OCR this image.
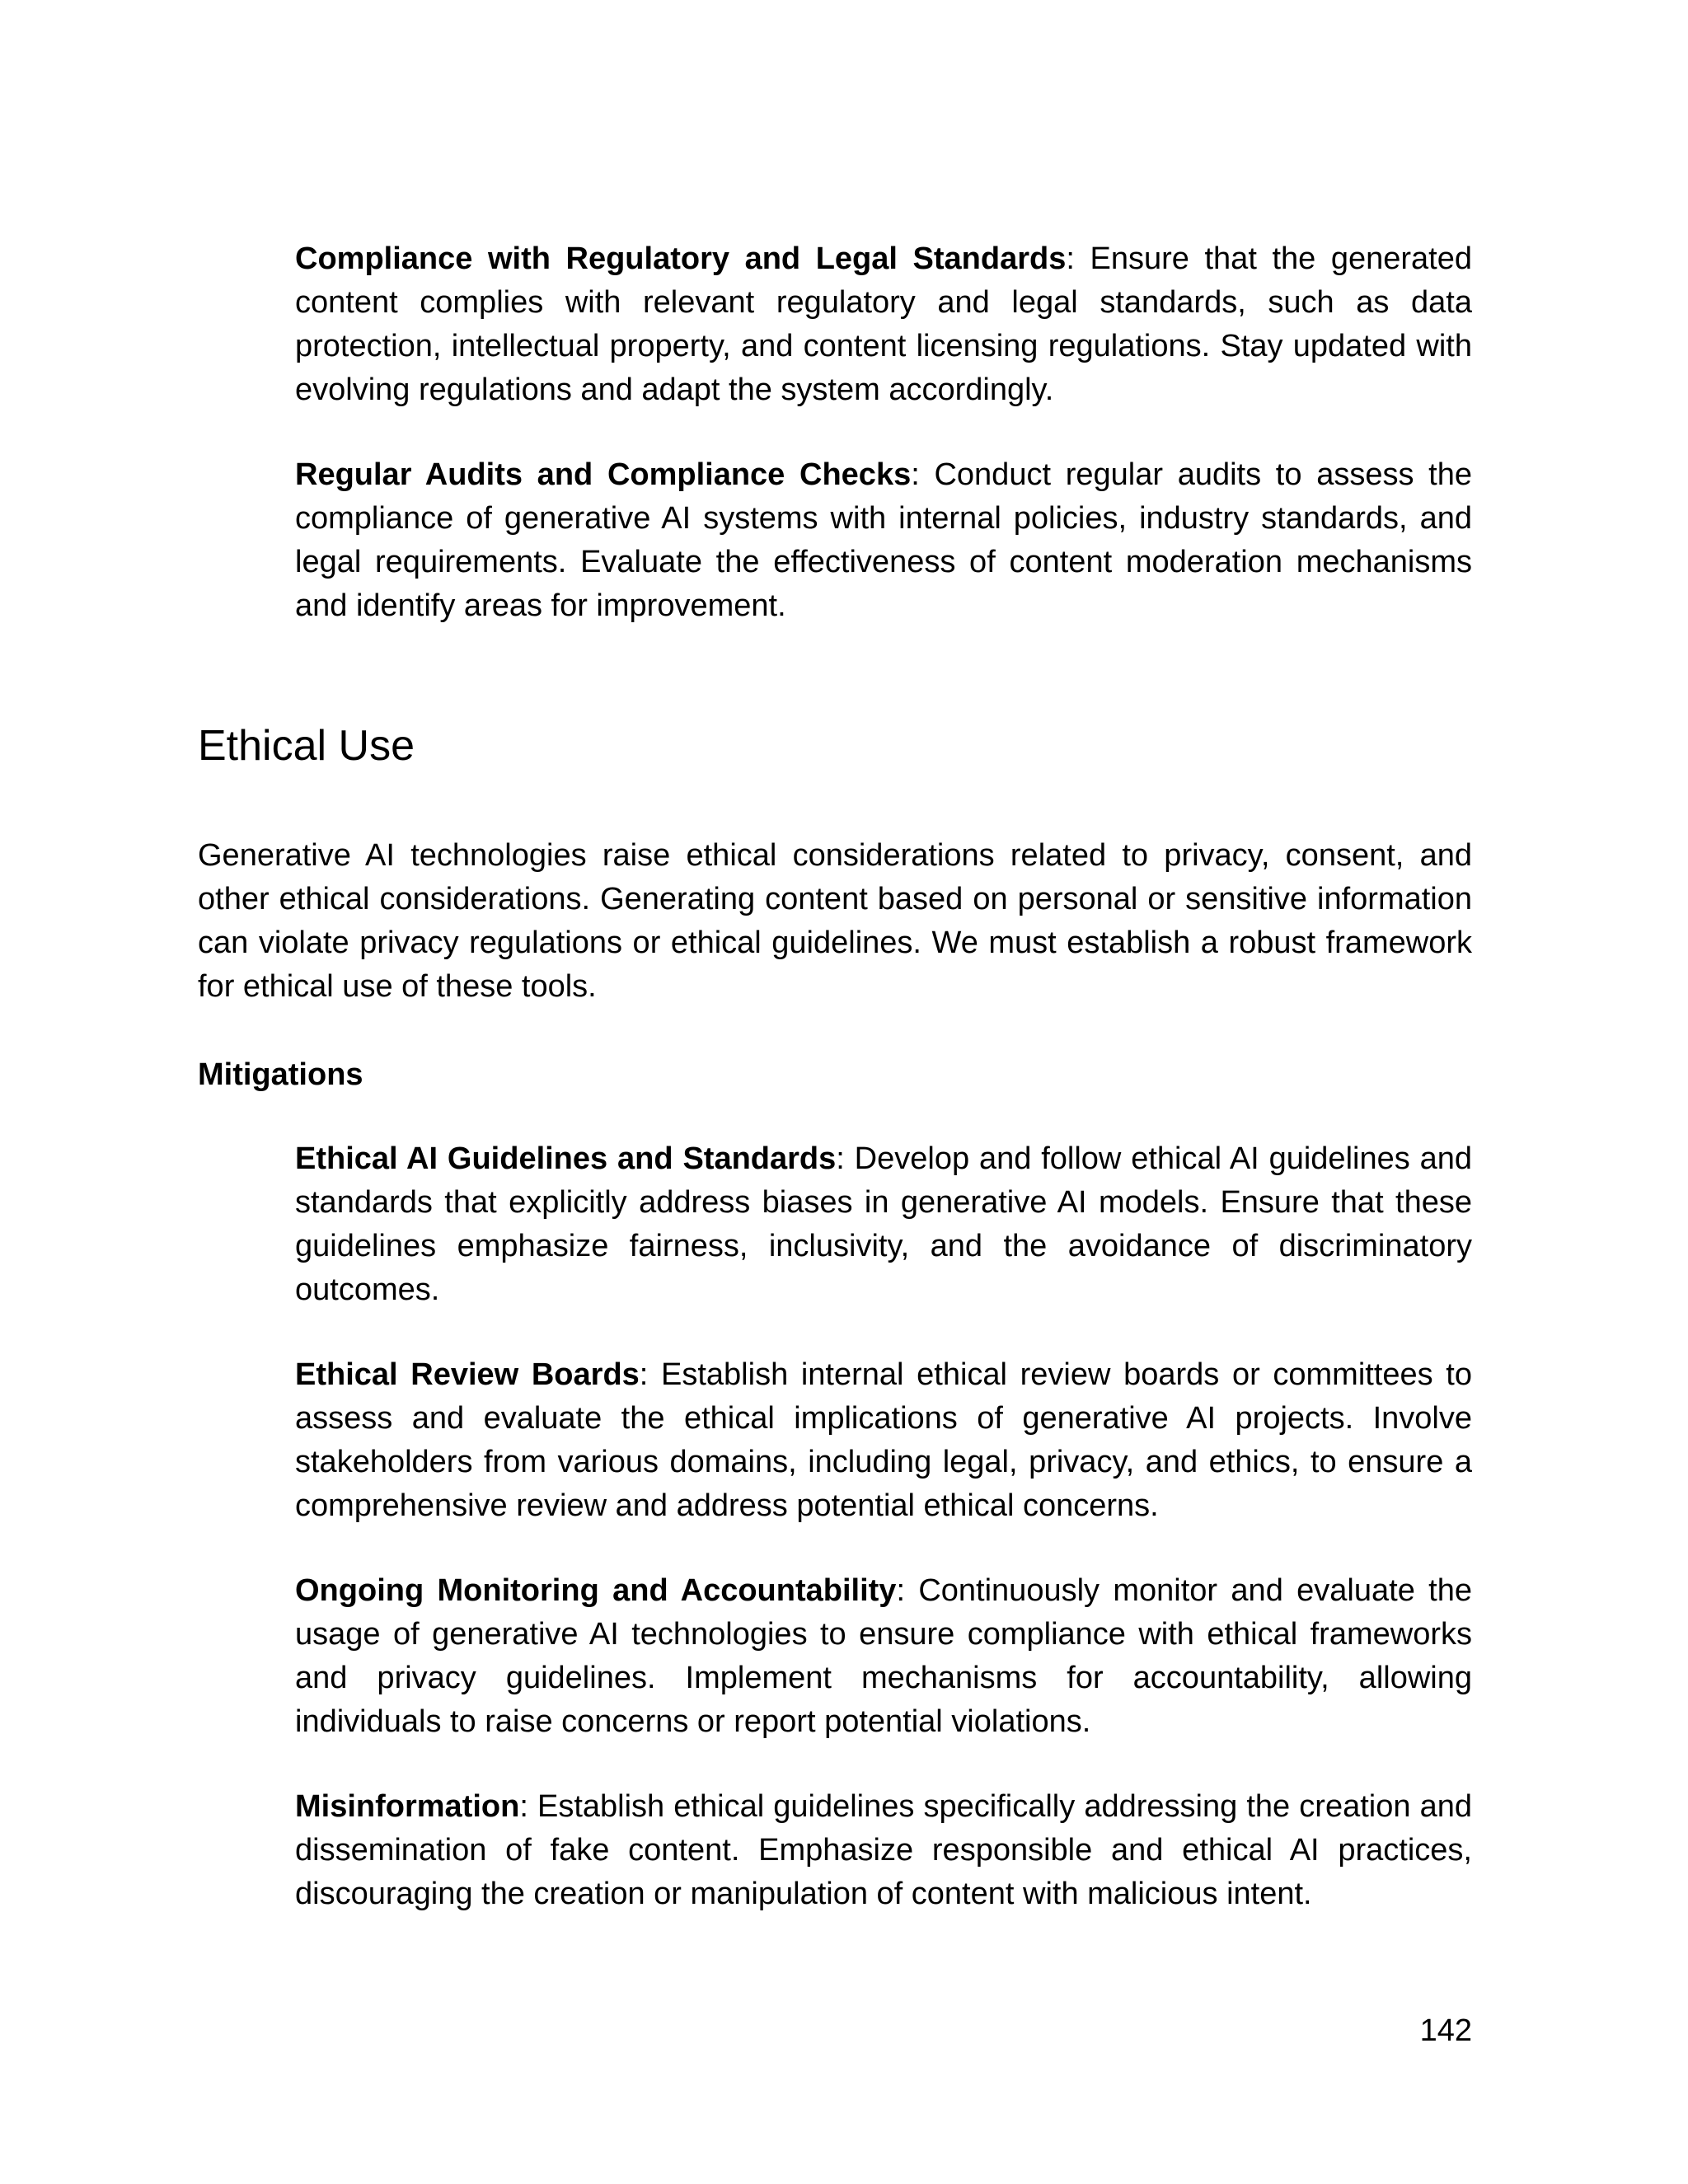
Compliance with Regulatory and Legal Standards: Ensure that the generated content complies with relevant regulatory and legal standards, such as data protection, intellectual property, and content licensing regulations. Stay updated with evolving regulations and adapt the system accordingly.

Regular Audits and Compliance Checks: Conduct regular audits to assess the compliance of generative AI systems with internal policies, industry standards, and legal requirements. Evaluate the effectiveness of content moderation mechanisms and identify areas for improvement.

Ethical Use

Generative AI technologies raise ethical considerations related to privacy, consent, and other ethical considerations. Generating content based on personal or sensitive information can violate privacy regulations or ethical guidelines. We must establish a robust framework for ethical use of these tools.

Mitigations

Ethical AI Guidelines and Standards: Develop and follow ethical AI guidelines and standards that explicitly address biases in generative AI models. Ensure that these guidelines emphasize fairness, inclusivity, and the avoidance of discriminatory outcomes.

Ethical Review Boards: Establish internal ethical review boards or committees to assess and evaluate the ethical implications of generative AI projects. Involve stakeholders from various domains, including legal, privacy, and ethics, to ensure a comprehensive review and address potential ethical concerns.

Ongoing Monitoring and Accountability: Continuously monitor and evaluate the usage of generative AI technologies to ensure compliance with ethical frameworks and privacy guidelines. Implement mechanisms for accountability, allowing individuals to raise concerns or report potential violations.

Misinformation: Establish ethical guidelines specifically addressing the creation and dissemination of fake content. Emphasize responsible and ethical AI practices, discouraging the creation or manipulation of content with malicious intent.

142
